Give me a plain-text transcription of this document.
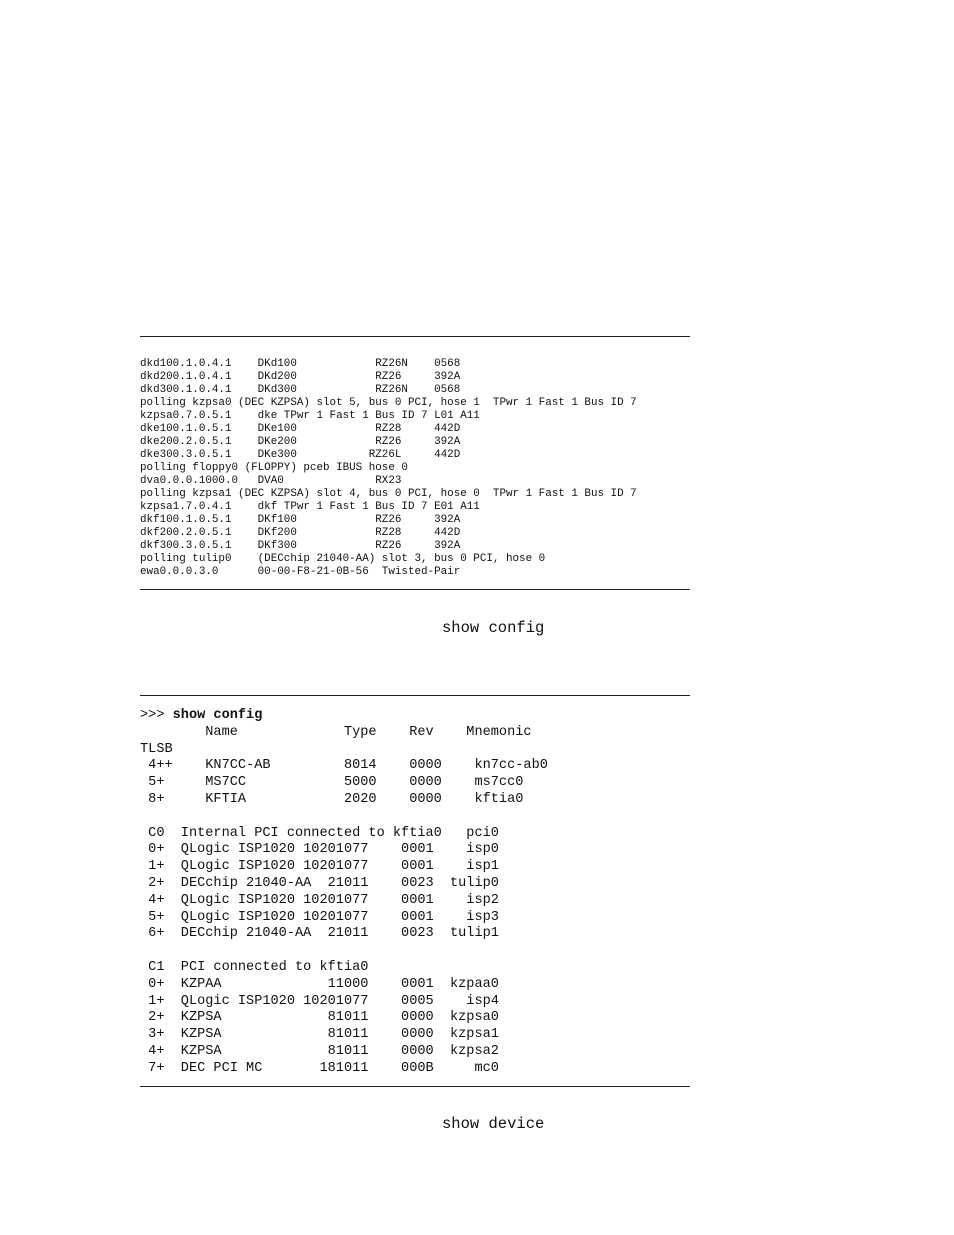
dkd100.1.0.4.1    DKd100            RZ26N    0568
dkd200.1.0.4.1    DKd200            RZ26     392A
dkd300.1.0.4.1    DKd300            RZ26N    0568
polling kzpsa0 (DEC KZPSA) slot 5, bus 0 PCI, hose 1  TPwr 1 Fast 1 Bus ID 7
kzpsa0.7.0.5.1    dke TPwr 1 Fast 1 Bus ID 7 L01 A11
dke100.1.0.5.1    DKe100            RZ28     442D
dke200.2.0.5.1    DKe200            RZ26     392A
dke300.3.0.5.1    DKe300           RZ26L     442D
polling floppy0 (FLOPPY) pceb IBUS hose 0
dva0.0.0.1000.0   DVA0              RX23
polling kzpsa1 (DEC KZPSA) slot 4, bus 0 PCI, hose 0  TPwr 1 Fast 1 Bus ID 7
kzpsa1.7.0.4.1    dkf TPwr 1 Fast 1 Bus ID 7 E01 A11
dkf100.1.0.5.1    DKf100            RZ26     392A
dkf200.2.0.5.1    DKf200            RZ28     442D
dkf300.3.0.5.1    DKf300            RZ26     392A
polling tulip0    (DECchip 21040-AA) slot 3, bus 0 PCI, hose 0
ewa0.0.0.3.0      00-00-F8-21-0B-56  Twisted-Pair
show config
>>> show config
Name             Type    Rev    Mnemonic
TLSB
4++    KN7CC-AB         8014    0000    kn7cc-ab0
5+     MS7CC            5000    0000    ms7cc0
8+     KFTIA            2020    0000    kftia0
C0  Internal PCI connected to kftia0   pci0
0+  QLogic ISP1020 10201077    0001    isp0
1+  QLogic ISP1020 10201077    0001    isp1
2+  DECchip 21040-AA  21011    0023  tulip0
4+  QLogic ISP1020 10201077    0001    isp2
5+  QLogic ISP1020 10201077    0001    isp3
6+  DECchip 21040-AA  21011    0023  tulip1
C1  PCI connected to kftia0
0+  KZPAA             11000    0001  kzpaa0
1+  QLogic ISP1020 10201077    0005    isp4
2+  KZPSA             81011    0000  kzpsa0
3+  KZPSA             81011    0000  kzpsa1
4+  KZPSA             81011    0000  kzpsa2
7+  DEC PCI MC       181011    000B     mc0
show device
